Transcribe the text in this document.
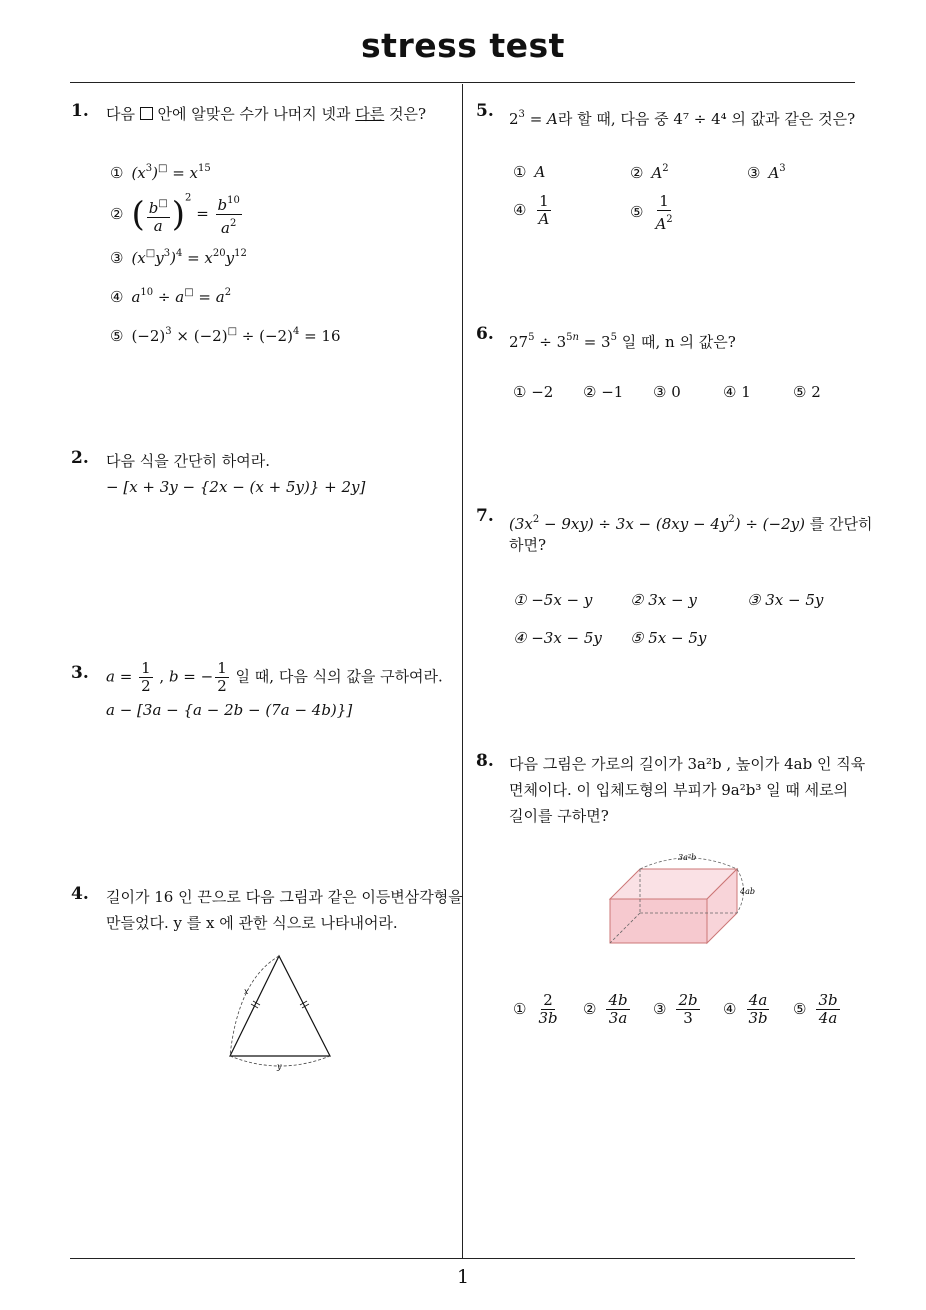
stress test
1
1. 다음 안에 알맞은 수가 나머지 넷과 다른 것은?
① $(x^3)^□ = x^{15}$
② ( $\frac{b^□}{a} )^2 = \frac{b^{10}}{a^2}$
③ $(x^□y^3)^4 = x^{20}y^{12}$
④ $a^{10} \div a^□ = a^2$
⑤ $(-2)^3 \times (-2)^□ \div (-2)^4 = 16$
2. 다음 식을 간단히 하여라.
− [x + 3y − {2x − (x + 5y)} + 2y]
3. $a = \frac{1}{2}$ , b = − $\frac{1}{2}$ 일 때, 다음 식의 값을 구하여라.
a − [3a − {a − 2b − (7a − 4b)}]
4. 길이가 16 인 끈으로 다음 그림과 같은 이등변삼각형을
만들었다. y 를 x 에 관한 식으로 나타내어라.
x
y
5. $2^3 = A$라 할 때, 다음 중 4⁷ ÷ 4⁴ 의 값과 같은 것은?
① A	② $A^2$	③ $A^3$
④ $\frac{1}{A}$	⑤ $\frac{1}{A^2}$
6. $27^5 \div 3^{5n} = 3^5$ 일 때, n 의 값은?
① −2 ② −1 ③ 0	④ 1	⑤ 2
7. $(3x^2 - 9xy) \div 3x - (8xy - 4y^2) \div (-2y)$ 를 간단히
하면?
① −5x − y	② 3x − y	③ 3x − 5y
④ −3x − 5y ⑤ 5x − 5y
8. 다음 그림은 가로의 길이가 3a²b , 높이가 4ab 인 직육
면체이다. 이 입체도형의 부피가 9a²b³ 일 때 세로의
길이를 구하면?
3a²b
4ab
① $\frac{2}{3b}$ ② $\frac{4b}{3a}$ ③ $\frac{2b}{3}$ ④ $\frac{4a}{3b}$ ⑤ $\frac{3b}{4a}$
